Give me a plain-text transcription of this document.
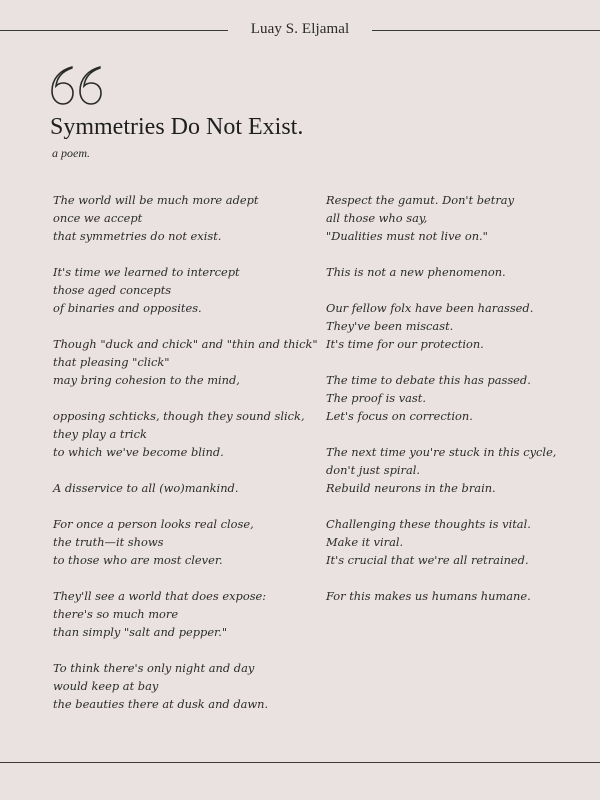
Luay S. Eljamal
Symmetries Do Not Exist.
a poem.
The world will be much more adept
once we accept
that symmetries do not exist.
It's time we learned to intercept
those aged concepts
of binaries and opposites.
Though "duck and chick" and "thin and thick"
that pleasing "click"
may bring cohesion to the mind,
opposing schticks, though they sound slick,
they play a trick
to which we've become blind.
A disservice to all (wo)mankind.
For once a person looks real close,
the truth—it shows
to those who are most clever.
They'll see a world that does expose:
there's so much more
than simply "salt and pepper."
To think there's only night and day
would keep at bay
the beauties there at dusk and dawn.
Respect the gamut. Don't betray
all those who say,
"Dualities must not live on."
This is not a new phenomenon.
Our fellow folx have been harassed.
They've been miscast.
It's time for our protection.
The time to debate this has passed.
The proof is vast.
Let's focus on correction.
The next time you're stuck in this cycle,
don't just spiral.
Rebuild neurons in the brain.
Challenging these thoughts is vital.
Make it viral.
It's crucial that we're all retrained.
For this makes us humans humane.
